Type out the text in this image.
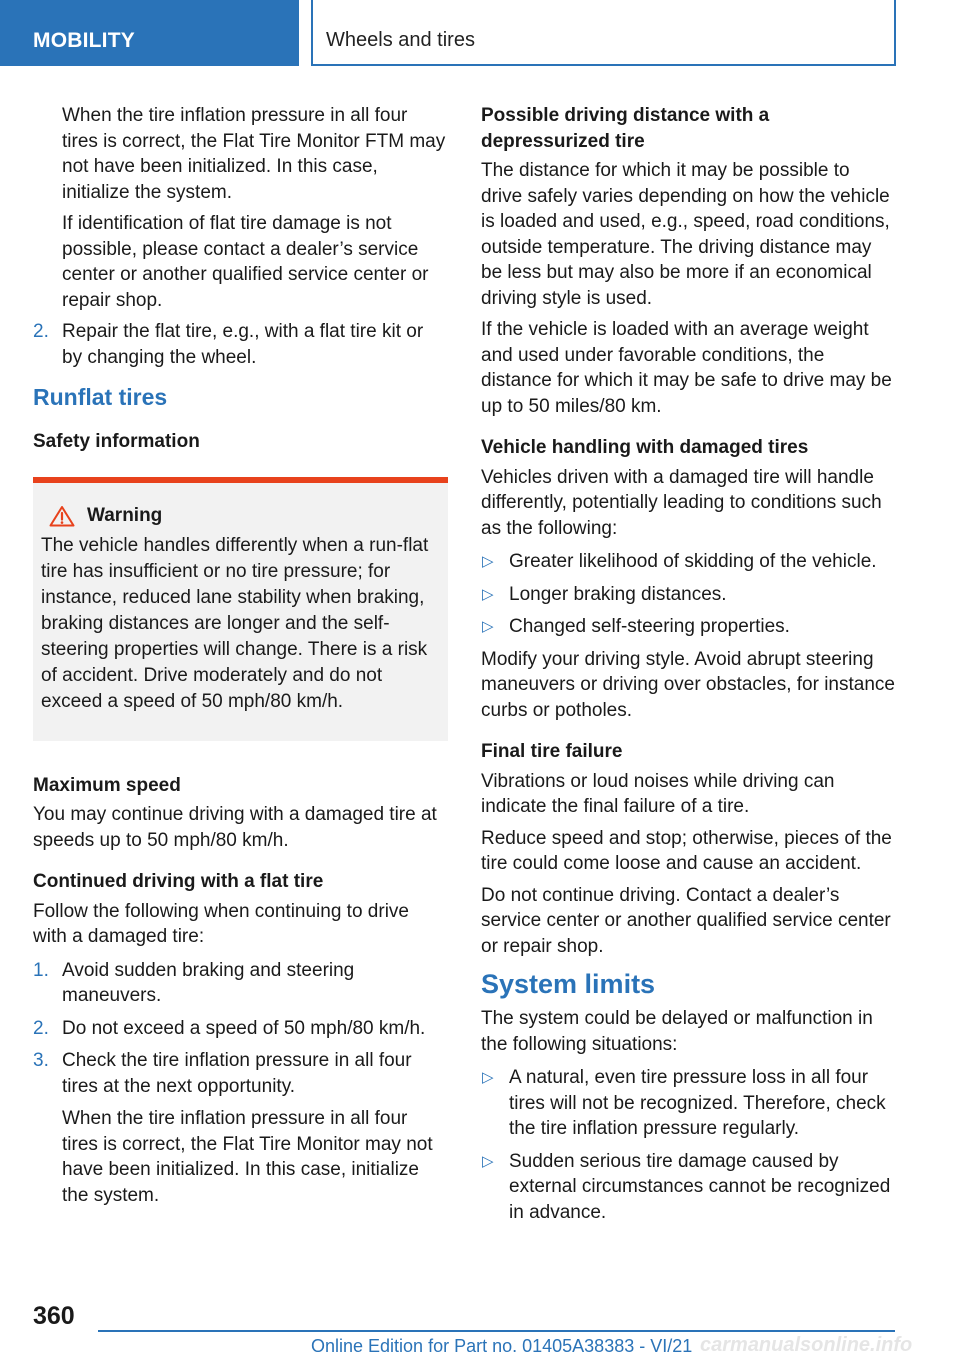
MOBILITY	Wheels and tires

When the tire inflation pressure in all four tires is correct, the Flat Tire Monitor FTM may not have been initialized. In this case, initialize the system.

If identification of flat tire damage is not possible, please contact a dealer’s service center or another qualified service center or repair shop.

2. Repair the flat tire, e.g., with a flat tire kit or by changing the wheel.
Runflat tires

Safety information

Warning

The vehicle handles differently when a run-flat tire has insufficient or no tire pressure; for instance, reduced lane stability when braking, braking distances are longer and the self-steering properties will change. There is a risk of accident. Drive moderately and do not exceed a speed of 50 mph/80 km/h.

Maximum speed

You may continue driving with a damaged tire at speeds up to 50 mph/80 km/h.

Continued driving with a flat tire

Follow the following when continuing to drive with a damaged tire:

1. Avoid sudden braking and steering maneuvers.
2. Do not exceed a speed of 50 mph/80 km/h.
3. Check the tire inflation pressure in all four tires at the next opportunity.

When the tire inflation pressure in all four tires is correct, the Flat Tire Monitor may not have been initialized. In this case, initialize the system.

Possible driving distance with a depressurized tire

The distance for which it may be possible to drive safely varies depending on how the vehicle is loaded and used, e.g., speed, road conditions, outside temperature. The driving distance may be less but may also be more if an economical driving style is used.

If the vehicle is loaded with an average weight and used under favorable conditions, the distance for which it may be safe to drive may be up to 50 miles/80 km.

Vehicle handling with damaged tires

Vehicles driven with a damaged tire will handle differently, potentially leading to conditions such as the following:

▷ Greater likelihood of skidding of the vehicle.
▷ Longer braking distances.
▷ Changed self-steering properties.

Modify your driving style. Avoid abrupt steering maneuvers or driving over obstacles, for instance curbs or potholes.

Final tire failure

Vibrations or loud noises while driving can indicate the final failure of a tire.

Reduce speed and stop; otherwise, pieces of the tire could come loose and cause an accident.

Do not continue driving. Contact a dealer’s service center or another qualified service center or repair shop.

System limits

The system could be delayed or malfunction in the following situations:

▷ A natural, even tire pressure loss in all four tires will not be recognized. Therefore, check the tire inflation pressure regularly.
▷ Sudden serious tire damage caused by external circumstances cannot be recognized in advance.
360
Online Edition for Part no. 01405A38383 - VI/21 carmanualsonline.info
